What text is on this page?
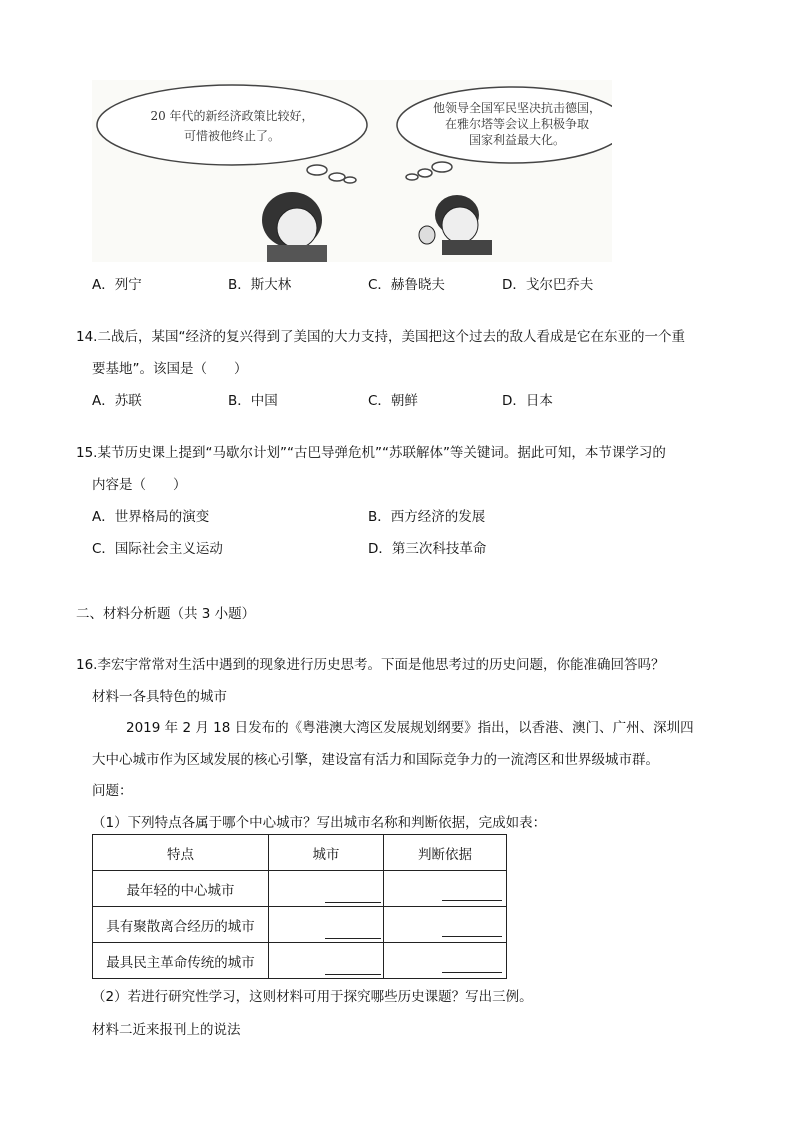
20 年代的新经济政策比较好，
可惜被他终止了。
他领导全国军民坚决抗击德国，
在雅尔塔等会议上积极争取
国家利益最大化。
A．列宁	B．斯大林	C．赫鲁晓夫	D．戈尔巴乔夫
14.二战后，某国“经济的复兴得到了美国的大力支持，美国把这个过去的敌人看成是它在东亚的一个重
要基地”。该国是（　　）
A．苏联	B．中国	C．朝鲜	D．日本
15.某节历史课上提到“马歇尔计划”“古巴导弹危机”“苏联解体”等关键词。据此可知，本节课学习的
内容是（　　）
A．世界格局的演变	B．西方经济的发展
C．国际社会主义运动	D．第三次科技革命
二、材料分析题（共 3 小题）
16.李宏宇常常对生活中遇到的现象进行历史思考。下面是他思考过的历史问题，你能准确回答吗？
材料一各具特色的城市
2019 年 2 月 18 日发布的《粤港澳大湾区发展规划纲要》指出，以香港、澳门、广州、深圳四
大中心城市作为区域发展的核心引擎，建设富有活力和国际竞争力的一流湾区和世界级城市群。
问题：
（1）下列特点各属于哪个中心城市？写出城市名称和判断依据，完成如表：
特点	城市	判断依据
最年轻的中心城市		
具有聚散离合经历的城市		
最具民主革命传统的城市		
（2）若进行研究性学习，这则材料可用于探究哪些历史课题？写出三例。
材料二近来报刊上的说法
